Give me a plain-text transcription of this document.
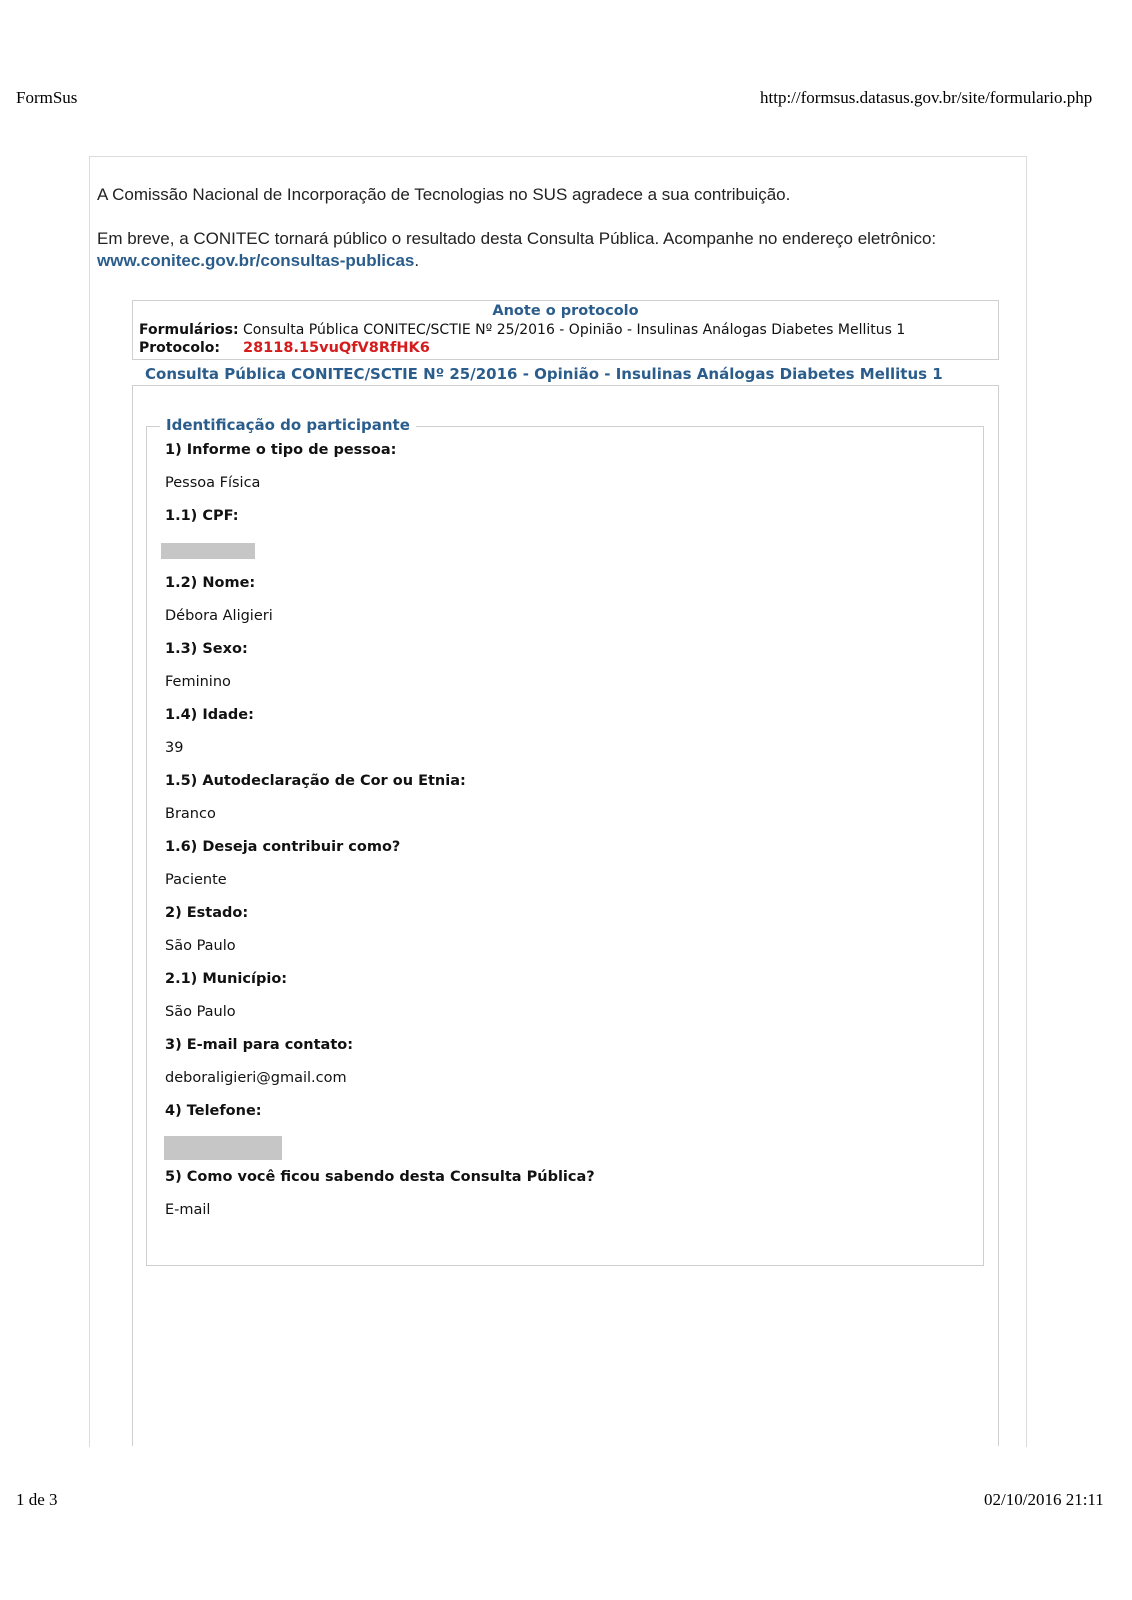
FormSus	http://formsus.datasus.gov.br/site/formulario.php
A Comissão Nacional de Incorporação de Tecnologias no SUS agradece a sua contribuição.
Em breve, a CONITEC tornará público o resultado desta Consulta Pública. Acompanhe no endereço eletrônico:
www.conitec.gov.br/consultas-publicas.
Anote o protocolo
Formulários: Consulta Pública CONITEC/SCTIE Nº 25/2016 - Opinião - Insulinas Análogas Diabetes Mellitus 1
Protocolo: 28118.15vuQfV8RfHK6
Consulta Pública CONITEC/SCTIE Nº 25/2016 - Opinião - Insulinas Análogas Diabetes Mellitus 1
Identificação do participante
1) Informe o tipo de pessoa:
Pessoa Física
1.1) CPF:
1.2) Nome:
Débora Aligieri
1.3) Sexo:
Feminino
1.4) Idade:
39
1.5) Autodeclaração de Cor ou Etnia:
Branco
1.6) Deseja contribuir como?
Paciente
2) Estado:
São Paulo
2.1) Município:
São Paulo
3) E-mail para contato:
deboraligieri@gmail.com
4) Telefone:
5) Como você ficou sabendo desta Consulta Pública?
E-mail
1 de 3	02/10/2016 21:11
